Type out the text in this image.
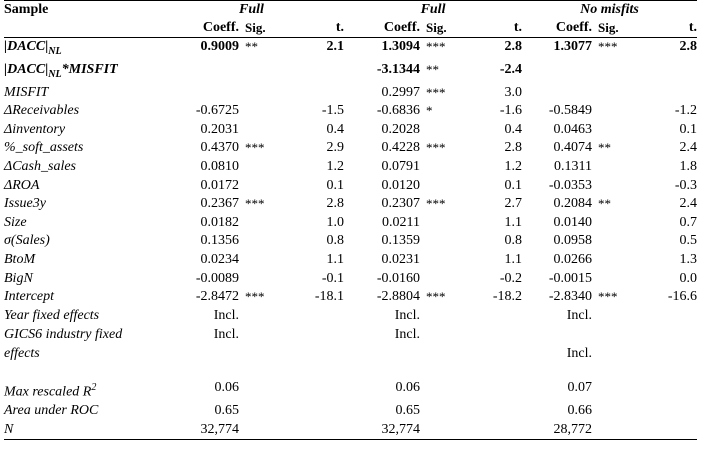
Sample	Full			Full			No misfits		
	Coeff.	Sig.	t.	Coeff.	Sig.	t.	Coeff.	Sig.	t.
$|DACC|_{NL}$	0.9009	**	2.1	1.3094	***	2.8	1.3077	***	2.8
$|DACC|_{NL}*MISFIT$				-3.1344	**	-2.4			
MISFIT				0.2997	***	3.0			
ΔReceivables	-0.6725		-1.5	-0.6836	*	-1.6	-0.5849		-1.2
Δinventory	0.2031		0.4	0.2028		0.4	0.0463		0.1
%_soft_assets	0.4370	***	2.9	0.4228	***	2.8	0.4074	**	2.4
ΔCash_sales	0.0810		1.2	0.0791		1.2	0.1311		1.8
ΔROA	0.0172		0.1	0.0120		0.1	-0.0353		-0.3
Issue3y	0.2367	***	2.8	0.2307	***	2.7	0.2084	**	2.4
Size	0.0182		1.0	0.0211		1.1	0.0140		0.7
σ(Sales)	0.1356		0.8	0.1359		0.8	0.0958		0.5
BtoM	0.0234		1.1	0.0231		1.1	0.0266		1.3
BigN	-0.0089		-0.1	-0.0160		-0.2	-0.0015		0.0
Intercept	-2.8472	***	-18.1	-2.8804	***	-18.2	-2.8340	***	-16.6
Year fixed effects	Incl.			Incl.			Incl.		

GICS6 industry fixed
effects	Incl.			Incl.			Incl.		

Max rescaled $R^2$	0.06			0.06			0.07		
Area under ROC	0.65			0.65			0.66		
N	32,774			32,774			28,772		
